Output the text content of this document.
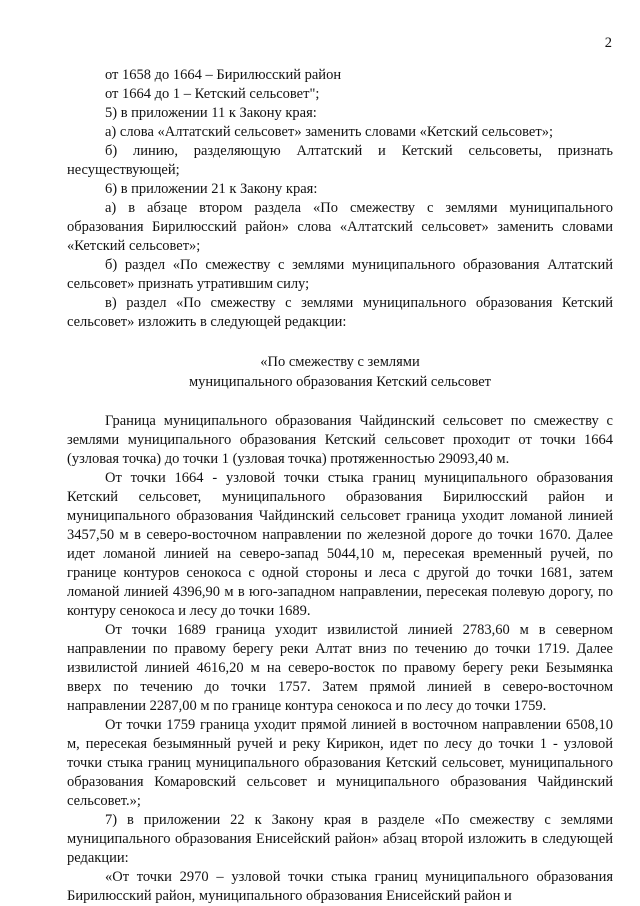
2

от 1658 до 1664 – Бирилюсский район

от 1664 до 1 – Кетский сельсовет";

5) в приложении 11 к Закону края:

а) слова «Алтатский сельсовет» заменить словами «Кетский сельсовет»;

б) линию, разделяющую Алтатский и Кетский сельсоветы, признать несуществующей;

6) в приложении 21 к Закону края:

а) в абзаце втором раздела «По смежеству с землями муниципального образования Бирилюсский район» слова «Алтатский сельсовет» заменить словами «Кетский сельсовет»;

б) раздел «По смежеству с землями муниципального образования Алтатский сельсовет» признать утратившим силу;

в) раздел «По смежеству с землями муниципального образования Кетский сельсовет» изложить в следующей редакции:

«По смежеству с землями
муниципального образования Кетский сельсовет

Граница муниципального образования Чайдинский сельсовет по смежеству с землями муниципального образования Кетский сельсовет проходит от точки 1664 (узловая точка) до точки 1 (узловая точка) протяженностью 29093,40 м.

От точки 1664 - узловой точки стыка границ муниципального образования Кетский сельсовет, муниципального образования Бирилюсский район и муниципального образования Чайдинский сельсовет граница уходит ломаной линией 3457,50 м в северо-восточном направлении по железной дороге до точки 1670. Далее идет ломаной линией на северо-запад 5044,10 м, пересекая временный ручей, по границе контуров сенокоса с одной стороны и леса с другой до точки 1681, затем ломаной линией 4396,90 м в юго-западном направлении, пересекая полевую дорогу, по контуру сенокоса и лесу до точки 1689.

От точки 1689 граница уходит извилистой линией 2783,60 м в северном направлении по правому берегу реки Алтат вниз по течению до точки 1719. Далее извилистой линией 4616,20 м на северо-восток по правому берегу реки Безымянка вверх по течению до точки 1757. Затем прямой линией в северо-восточном направлении 2287,00 м по границе контура сенокоса и по лесу до точки 1759.

От точки 1759 граница уходит прямой линией в восточном направлении 6508,10 м, пересекая безымянный ручей и реку Кирикон, идет по лесу до точки 1 - узловой точки стыка границ муниципального образования Кетский сельсовет, муниципального образования Комаровский сельсовет и муниципального образования Чайдинский сельсовет.»;

7) в приложении 22 к Закону края в разделе «По смежеству с землями муниципального образования Енисейский район» абзац второй изложить в следующей редакции:

«От точки 2970 – узловой точки стыка границ муниципального образования Бирилюсский район, муниципального образования Енисейский район и
